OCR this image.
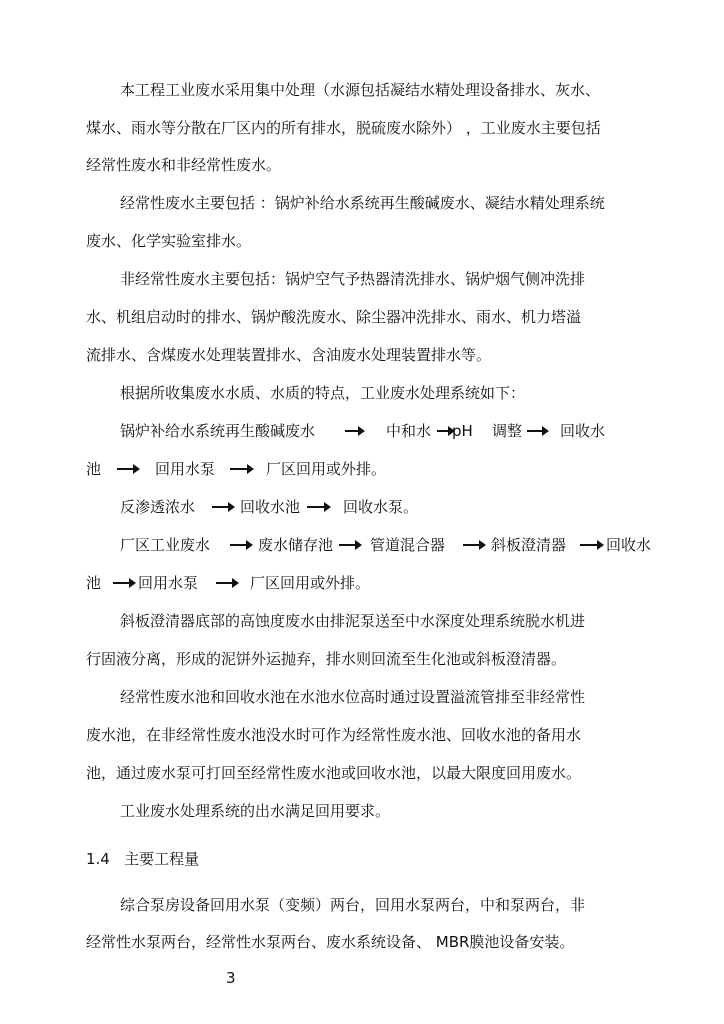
本工程工业废水采用集中处理（水源包括凝结水精处理设备排水、灰水、
煤水、雨水等分散在厂区内的所有排水，脱硫废水除外） ，工业废水主要包括
经常性废水和非经常性废水。
经常性废水主要包括 ：锅炉补给水系统再生酸碱废水、凝结水精处理系统
废水、化学实验室排水。
非经常性废水主要包括：锅炉空气予热器清洗排水、锅炉烟气侧冲洗排
水、机组启动时的排水、锅炉酸洗废水、除尘器冲洗排水、雨水、机力塔溢
流排水、含煤废水处理装置排水、含油废水处理装置排水等。
根据所收集废水水质、水质的特点，工业废水处理系统如下：
锅炉补给水系统再生酸碱废水	中和水 pH 调整	回收水
池	回用水泵	厂区回用或外排。
反渗透浓水	回收水池	回收水泵。
厂区工业废水	废水储存池 管道混合器	斜板澄清器	回收水
池 回用水泵	厂区回用或外排。
斜板澄清器底部的高蚀度废水由排泥泵送至中水深度处理系统脱水机进
行固液分离，形成的泥饼外运抛弃，排水则回流至生化池或斜板澄清器。
经常性废水池和回收水池在水池水位高时通过设置溢流管排至非经常性
废水池，在非经常性废水池没水时可作为经常性废水池、回收水池的备用水
池，通过废水泵可打回至经常性废水池或回收水池，以最大限度回用废水。
工业废水处理系统的出水满足回用要求。
1.4 主要工程量
综合泵房设备回用水泵（变频）两台，回用水泵两台，中和泵两台，非
经常性水泵两台，经常性水泵两台、废水系统设备、 MBR膜池设备安装。
3
